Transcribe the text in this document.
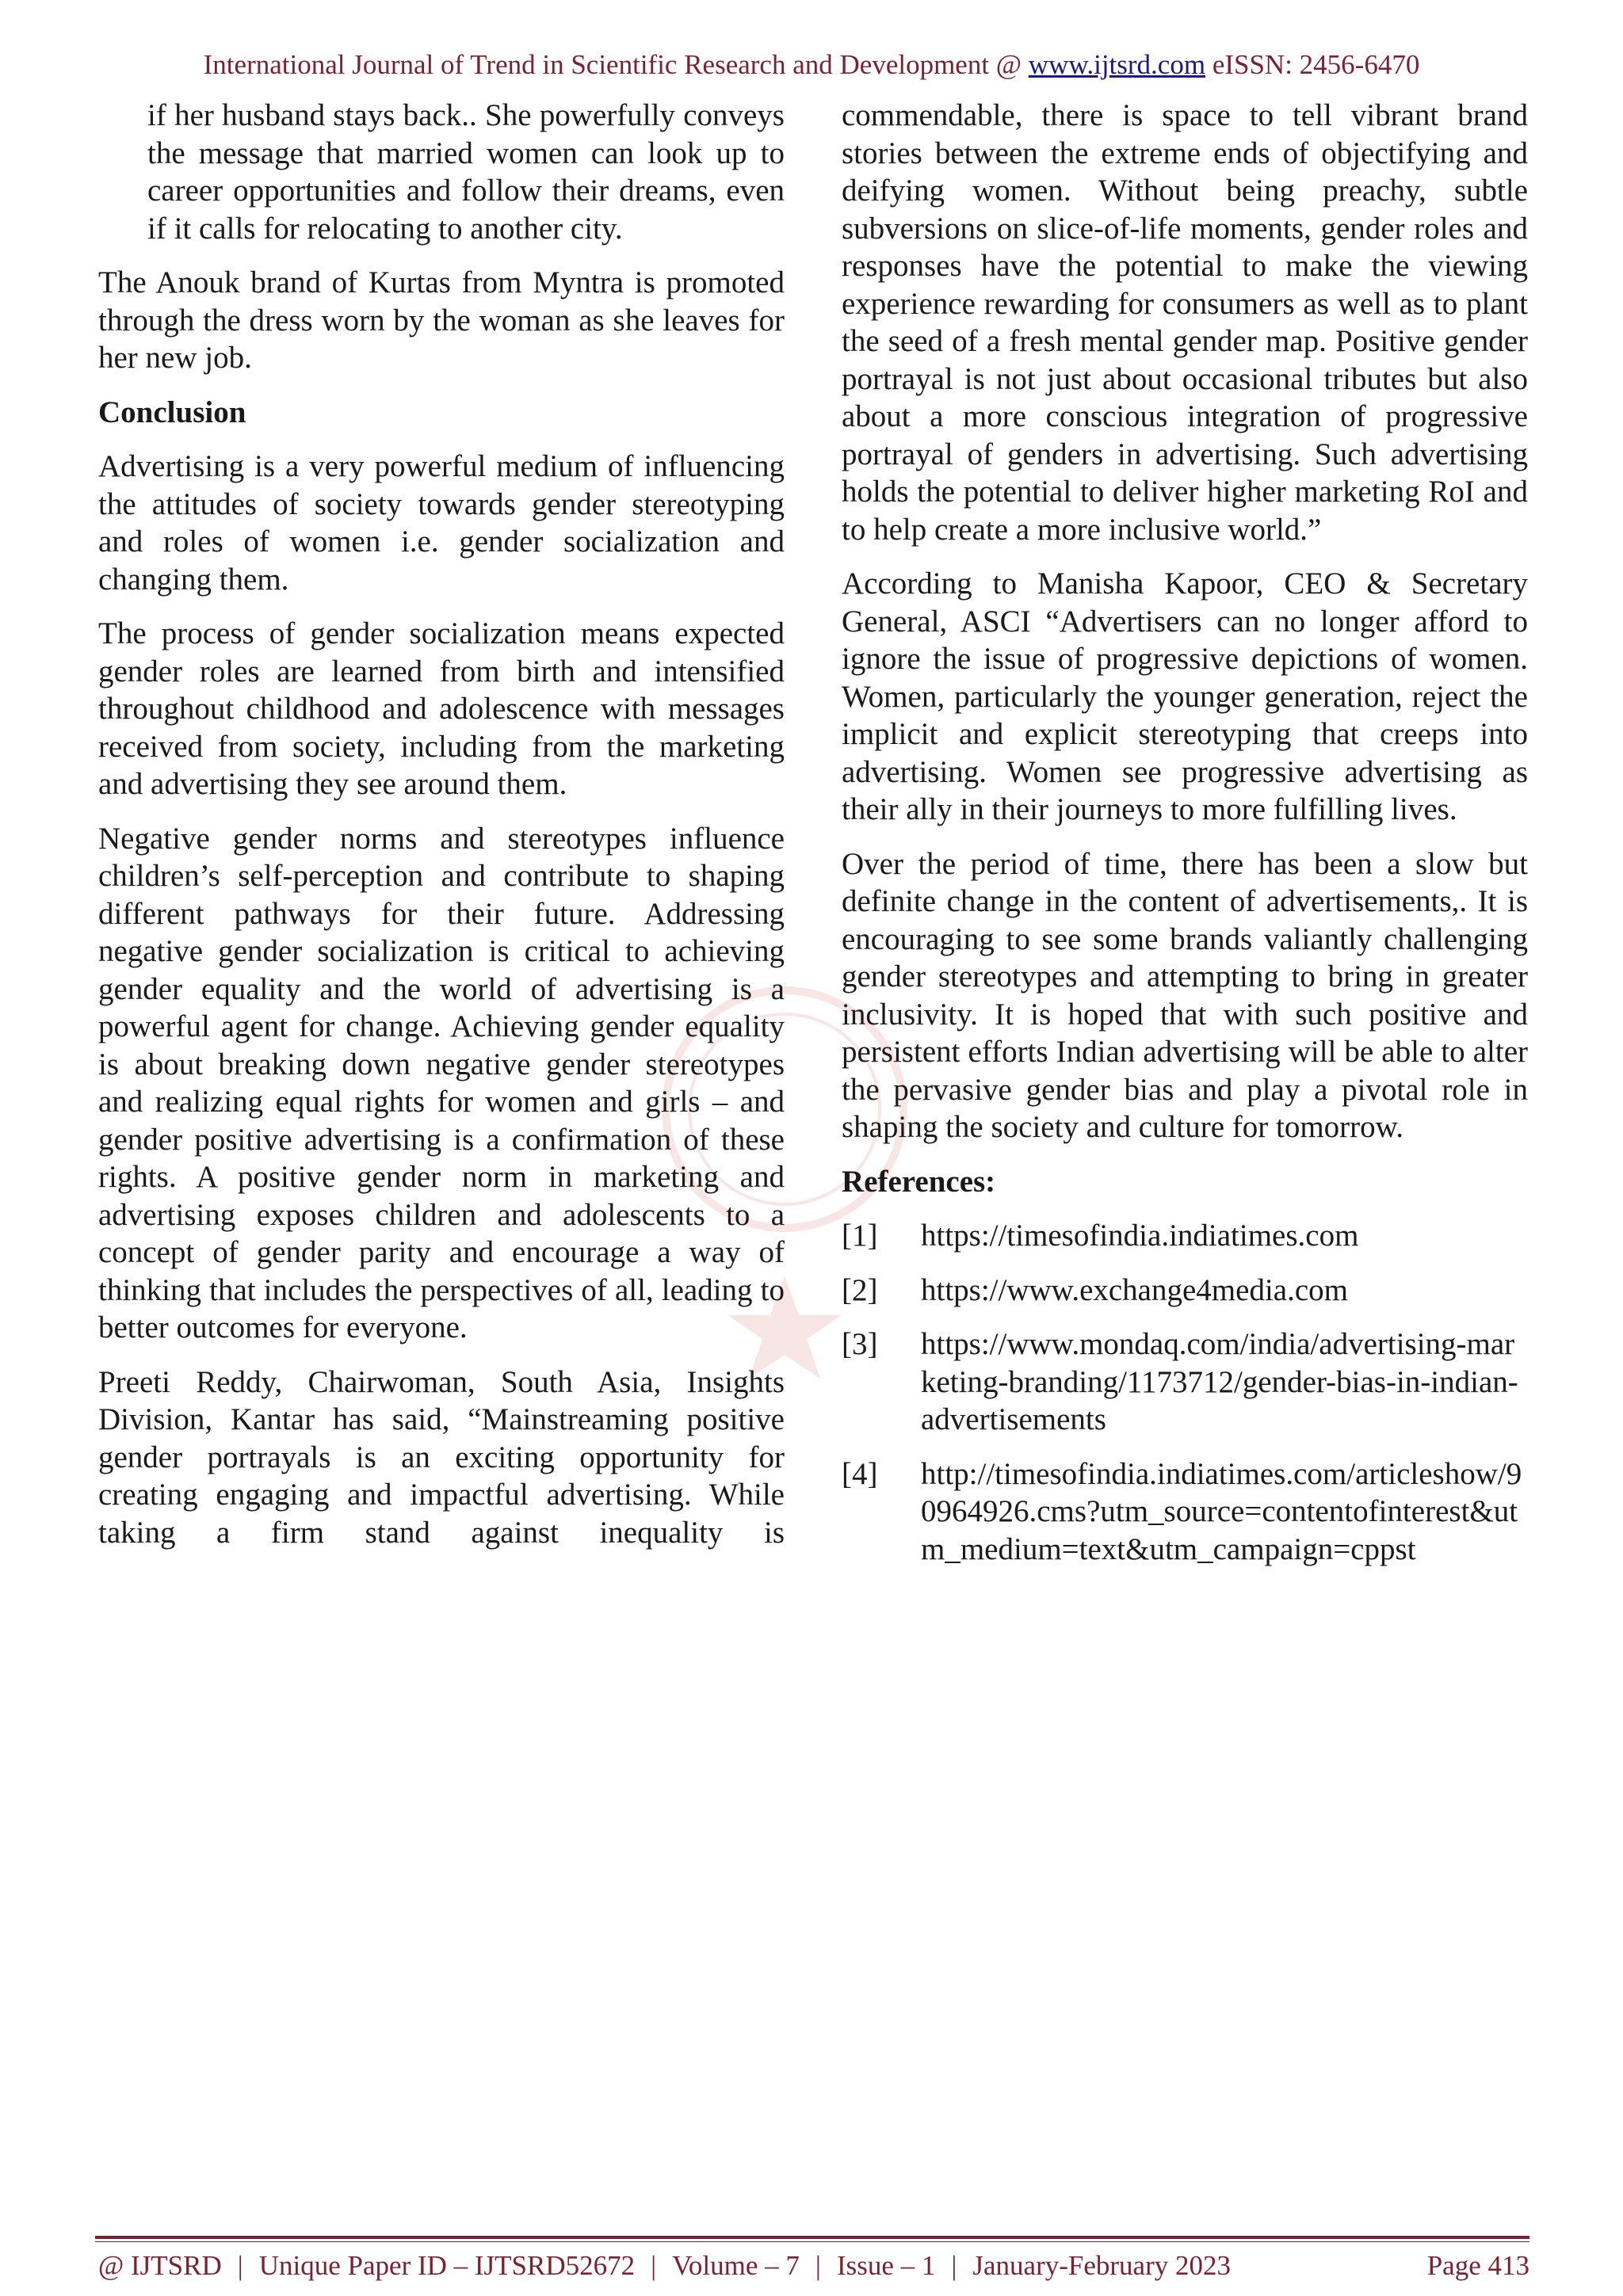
International Journal of Trend in Scientific Research and Development @ www.ijtsrd.com eISSN: 2456-6470

if her husband stays back.. She powerfully conveys the message that married women can look up to career opportunities and follow their dreams, even if it calls for relocating to another city.

The Anouk brand of Kurtas from Myntra is promoted through the dress worn by the woman as she leaves for her new job.

Conclusion

Advertising is a very powerful medium of influencing the attitudes of society towards gender stereotyping and roles of women i.e. gender socialization and changing them.

The process of gender socialization means expected gender roles are learned from birth and intensified throughout childhood and adolescence with messages received from society, including from the marketing and advertising they see around them.

Negative gender norms and stereotypes influence children’s self-perception and contribute to shaping different pathways for their future. Addressing negative gender socialization is critical to achieving gender equality and the world of advertising is a powerful agent for change. Achieving gender equality is about breaking down negative gender stereotypes and realizing equal rights for women and girls – and gender positive advertising is a confirmation of these rights. A positive gender norm in marketing and advertising exposes children and adolescents to a concept of gender parity and encourage a way of thinking that includes the perspectives of all, leading to better outcomes for everyone.

Preeti Reddy, Chairwoman, South Asia, Insights Division, Kantar has said, “Mainstreaming positive gender portrayals is an exciting opportunity for creating engaging and impactful advertising. While taking a firm stand against inequality is

commendable, there is space to tell vibrant brand stories between the extreme ends of objectifying and deifying women. Without being preachy, subtle subversions on slice-of-life moments, gender roles and responses have the potential to make the viewing experience rewarding for consumers as well as to plant the seed of a fresh mental gender map. Positive gender portrayal is not just about occasional tributes but also about a more conscious integration of progressive portrayal of genders in advertising. Such advertising holds the potential to deliver higher marketing RoI and to help create a more inclusive world.”

According to Manisha Kapoor, CEO & Secretary General, ASCI “Advertisers can no longer afford to ignore the issue of progressive depictions of women. Women, particularly the younger generation, reject the implicit and explicit stereotyping that creeps into advertising. Women see progressive advertising as their ally in their journeys to more fulfilling lives.

Over the period of time, there has been a slow but definite change in the content of advertisements,. It is encouraging to see some brands valiantly challenging gender stereotypes and attempting to bring in greater inclusivity. It is hoped that with such positive and persistent efforts Indian advertising will be able to alter the pervasive gender bias and play a pivotal role in shaping the society and culture for tomorrow.

References:

[1]	https://timesofindia.indiatimes.com
[2]	https://www.exchange4media.com
[3]	https://www.mondaq.com/india/advertising-marketing-branding/1173712/gender-bias-in-indian- advertisements
[4]	http://timesofindia.indiatimes.com/articleshow/90964926.cms?utm_source=contentofinterest&utm_medium=text&utm_campaign=cppst
@ IJTSRD | Unique Paper ID – IJTSRD52672 | Volume – 7 | Issue – 1 | January-February 2023	Page 413
